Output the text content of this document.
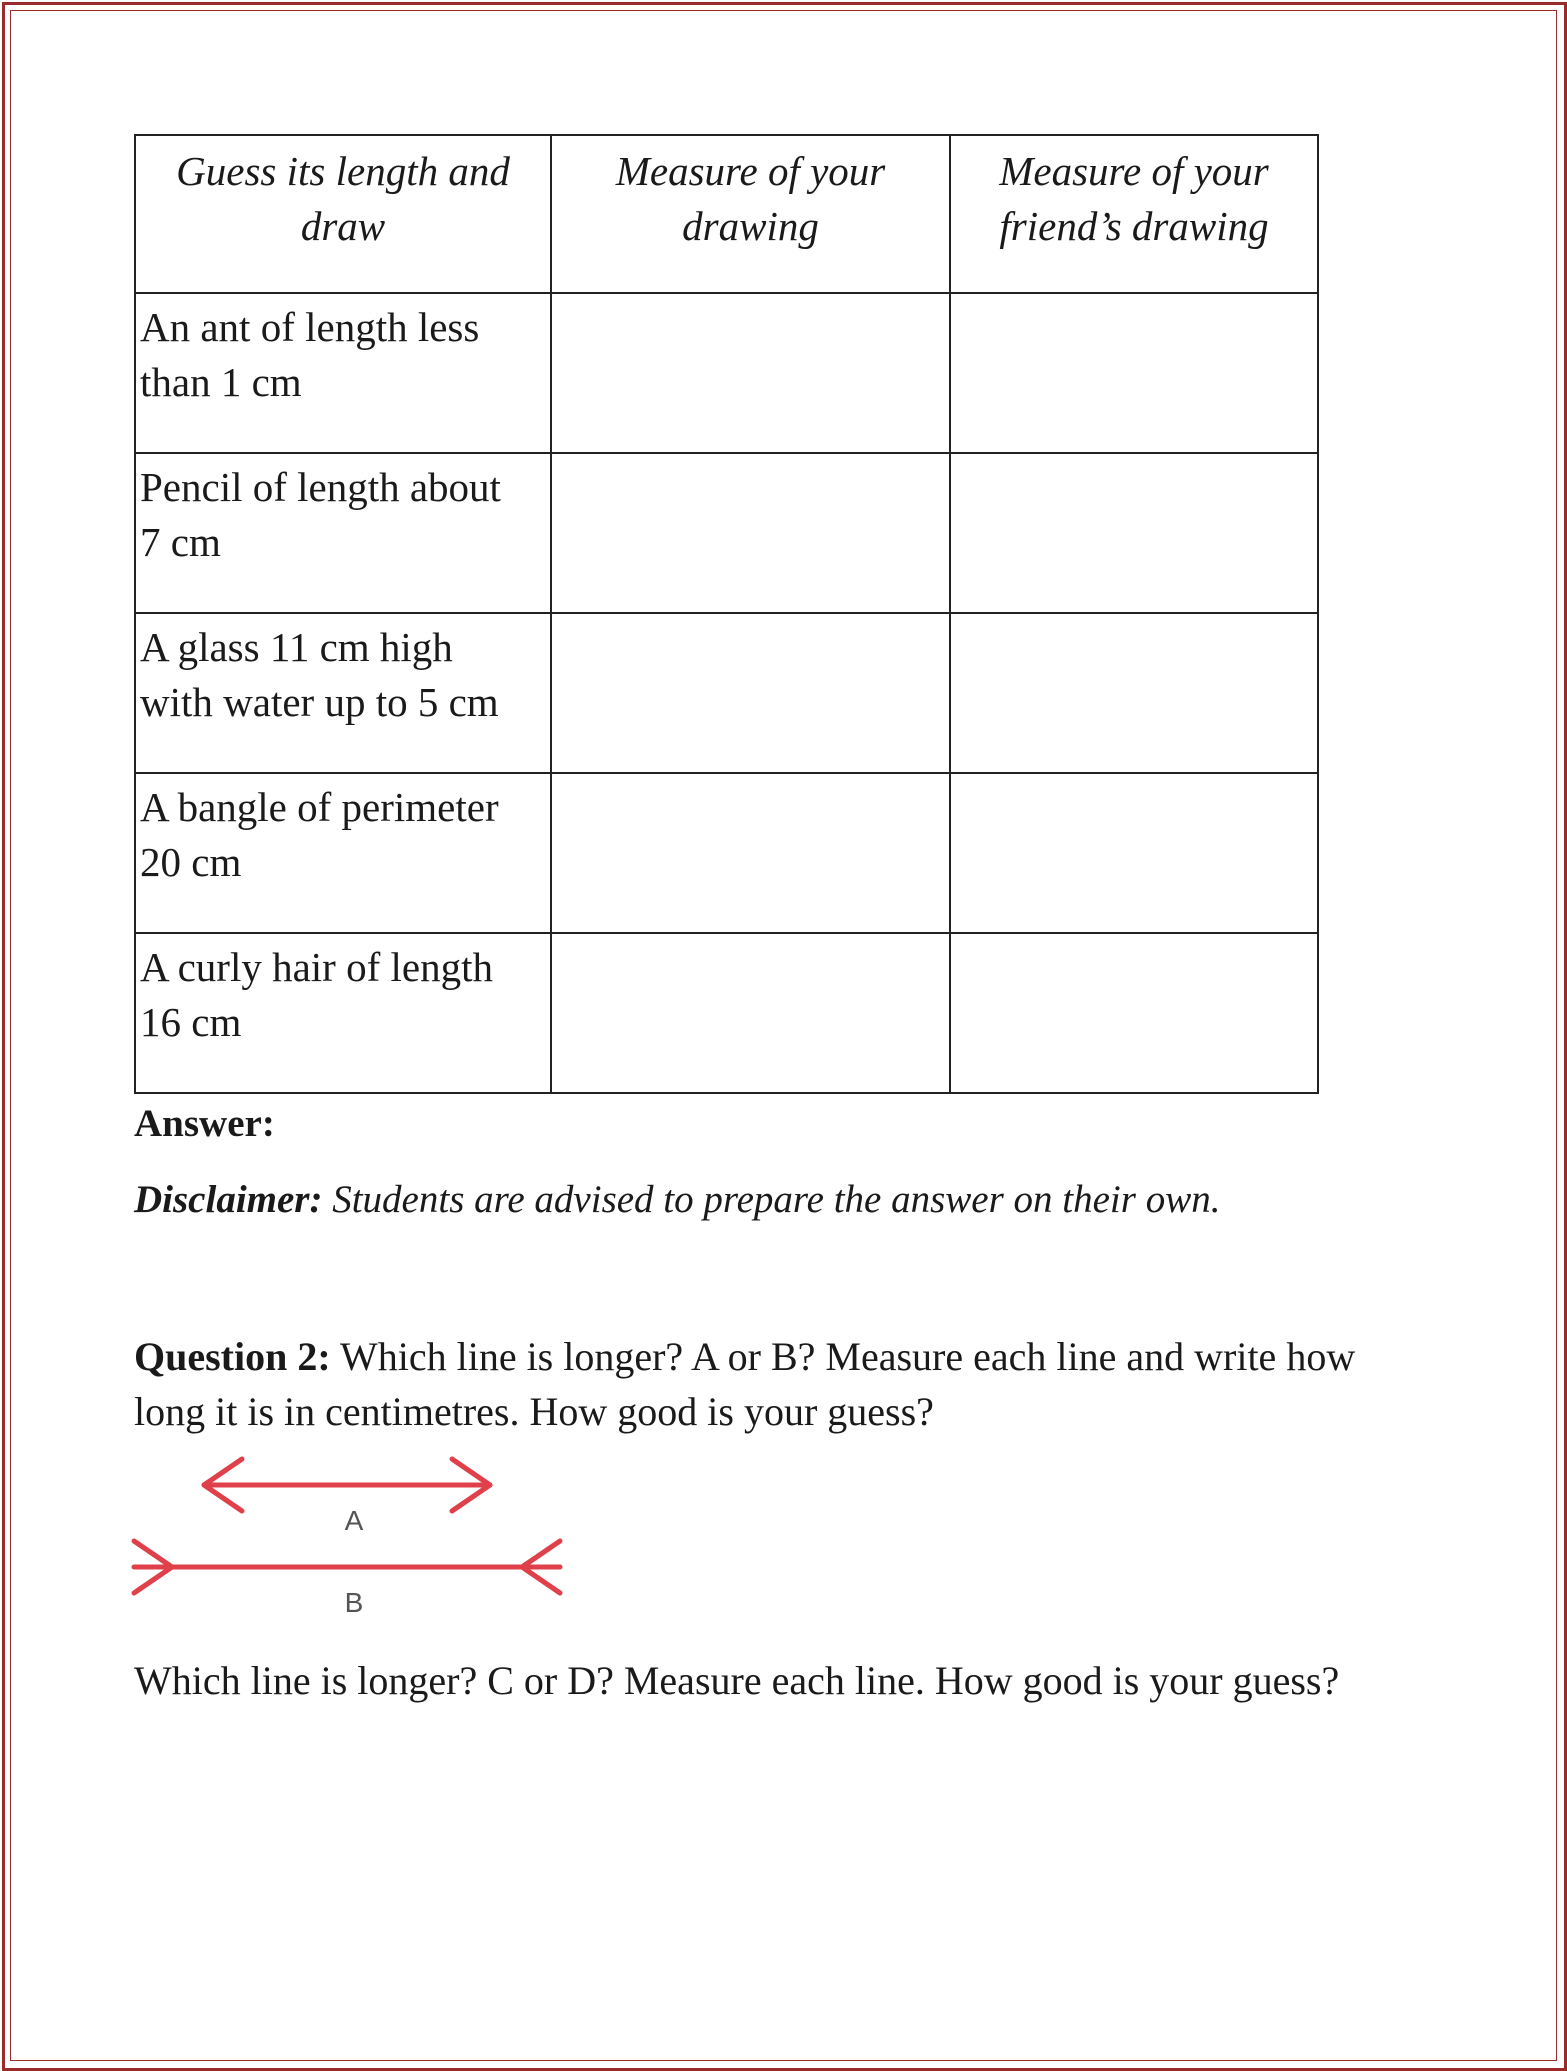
Guess its length and draw	Measure of your drawing	Measure of your friend’s drawing
An ant of length less
than 1 cm		
Pencil of length about
7 cm		
A glass 11 cm high
with water up to 5 cm		
A bangle of perimeter
20 cm		
A curly hair of length
16 cm		
Answer:
Disclaimer: Students are advised to prepare the answer on their own.
Question 2: Which line is longer? A or B? Measure each line and write how long it is in centimetres. How good is your guess?
A
B
Which line is longer? C or D? Measure each line. How good is your guess?
